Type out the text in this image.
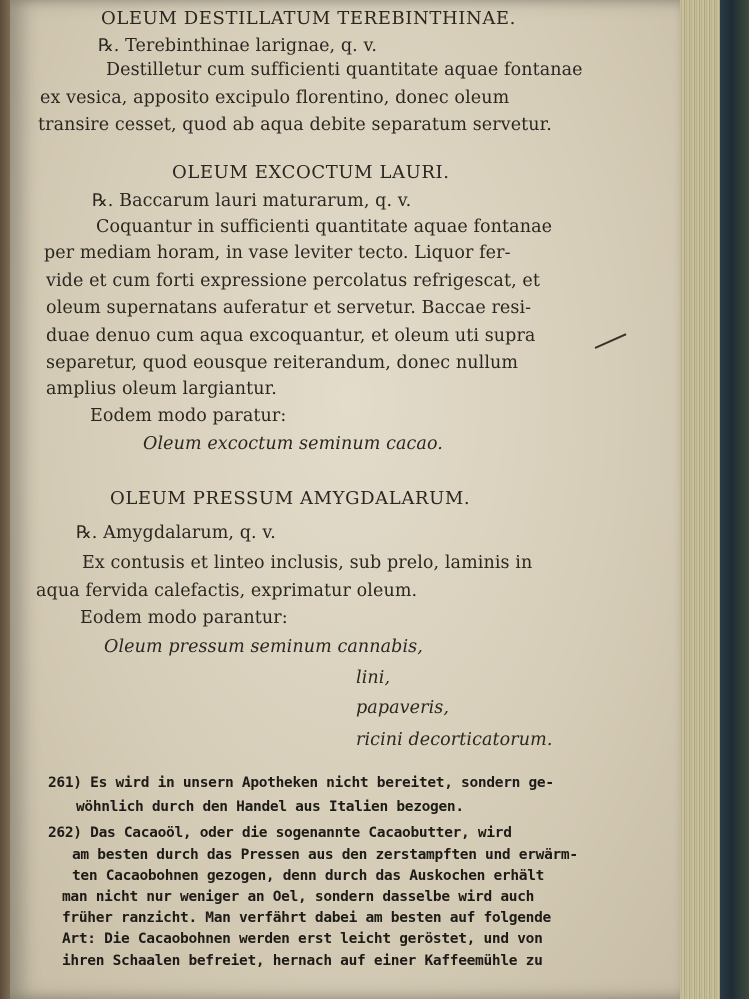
OLEUM DESTILLATUM TEREBINTHINAE.
℞. Terebinthinae larignae, q. v.
Destilletur cum sufficienti quantitate aquae fontanae
ex vesica, apposito excipulo florentino, donec oleum
transire cesset, quod ab aqua debite separatum servetur.
OLEUM EXCOCTUM LAURI.
℞. Baccarum lauri maturarum, q. v.
Coquantur in sufficienti quantitate aquae fontanae
per mediam horam, in vase leviter tecto. Liquor fer-
vide et cum forti expressione percolatus refrigescat, et
oleum supernatans auferatur et servetur. Baccae resi-
duae denuo cum aqua excoquantur, et oleum uti supra
separetur, quod eousque reiterandum, donec nullum
amplius oleum largiantur.
Eodem modo paratur:
Oleum excoctum seminum cacao.
OLEUM PRESSUM AMYGDALARUM.
℞. Amygdalarum, q. v.
Ex contusis et linteo inclusis, sub prelo, laminis in
aqua fervida calefactis, exprimatur oleum.
Eodem modo parantur:
Oleum pressum seminum cannabis,
lini,
papaveris,
ricini decorticatorum.
261) Es wird in unsern Apotheken nicht bereitet, sondern ge-
wöhnlich durch den Handel aus Italien bezogen.
262) Das Cacaoöl, oder die sogenannte Cacaobutter, wird
am besten durch das Pressen aus den zerstampften und erwärm-
ten Cacaobohnen gezogen, denn durch das Auskochen erhält
man nicht nur weniger an Oel, sondern dasselbe wird auch
früher ranzicht. Man verfährt dabei am besten auf folgende
Art: Die Cacaobohnen werden erst leicht geröstet, und von
ihren Schaalen befreiet, hernach auf einer Kaffeemühle zu
